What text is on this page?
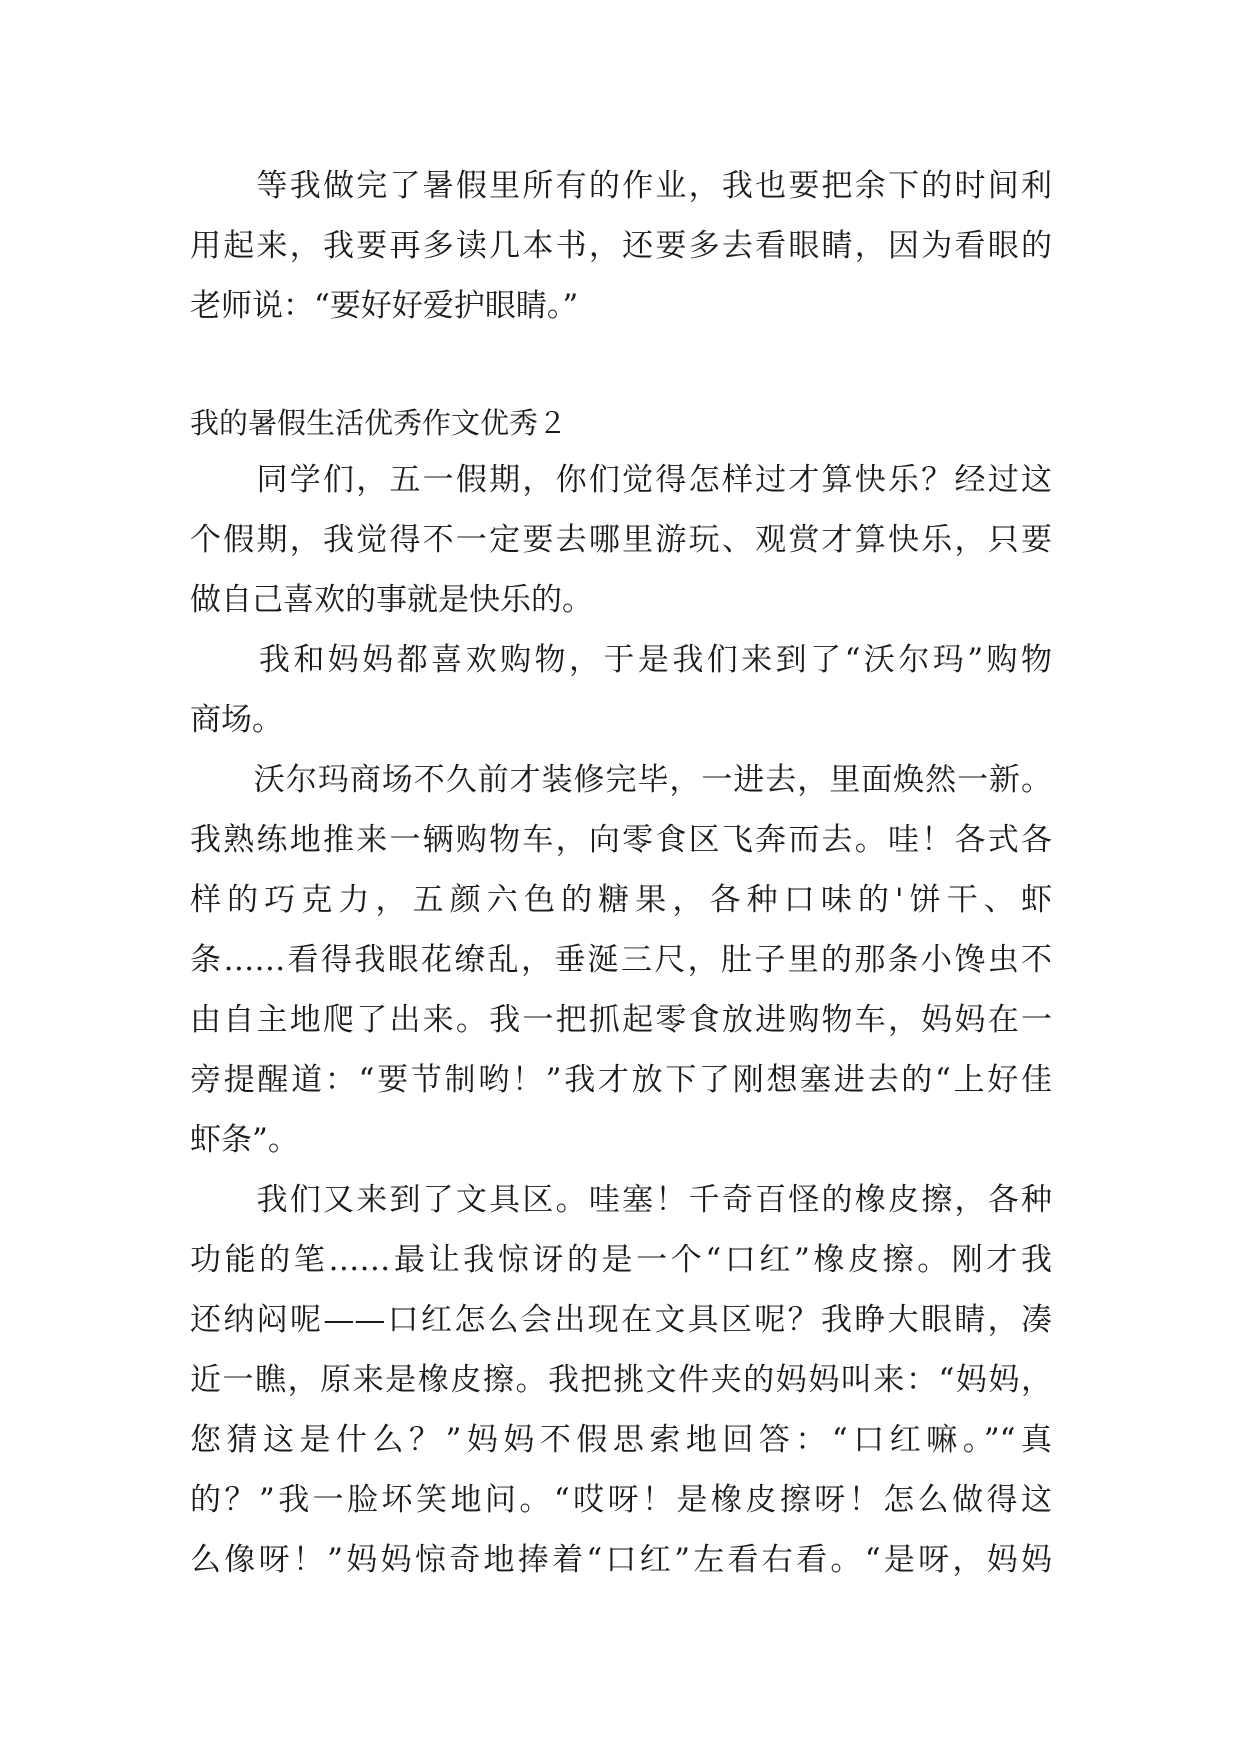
　　等我做完了暑假里所有的作业，我也要把余下的时间利
用起来，我要再多读几本书，还要多去看眼睛，因为看眼的
老师说：“要好好爱护眼睛。”
我的暑假生活优秀作文优秀２
　　同学们，五一假期，你们觉得怎样过才算快乐？经过这
个假期，我觉得不一定要去哪里游玩、观赏才算快乐，只要
做自己喜欢的事就是快乐的。
　　我和妈妈都喜欢购物，于是我们来到了“沃尔玛”购物
商场。
　　沃尔玛商场不久前才装修完毕，一进去，里面焕然一新。
我熟练地推来一辆购物车，向零食区飞奔而去。哇！各式各
样的巧克力，五颜六色的糖果，各种口味的'饼干、虾
条……看得我眼花缭乱，垂涎三尺，肚子里的那条小馋虫不
由自主地爬了出来。我一把抓起零食放进购物车，妈妈在一
旁提醒道：“要节制哟！”我才放下了刚想塞进去的“上好佳
虾条”。
　　我们又来到了文具区。哇塞！千奇百怪的橡皮擦，各种
功能的笔……最让我惊讶的是一个“口红”橡皮擦。刚才我
还纳闷呢——口红怎么会出现在文具区呢？我睁大眼睛，凑
近一瞧，原来是橡皮擦。我把挑文件夹的妈妈叫来：“妈妈，
您猜这是什么？”妈妈不假思索地回答：“口红嘛。”“真
的？”我一脸坏笑地问。“哎呀！是橡皮擦呀！怎么做得这
么像呀！”妈妈惊奇地捧着“口红”左看右看。“是呀，妈妈
